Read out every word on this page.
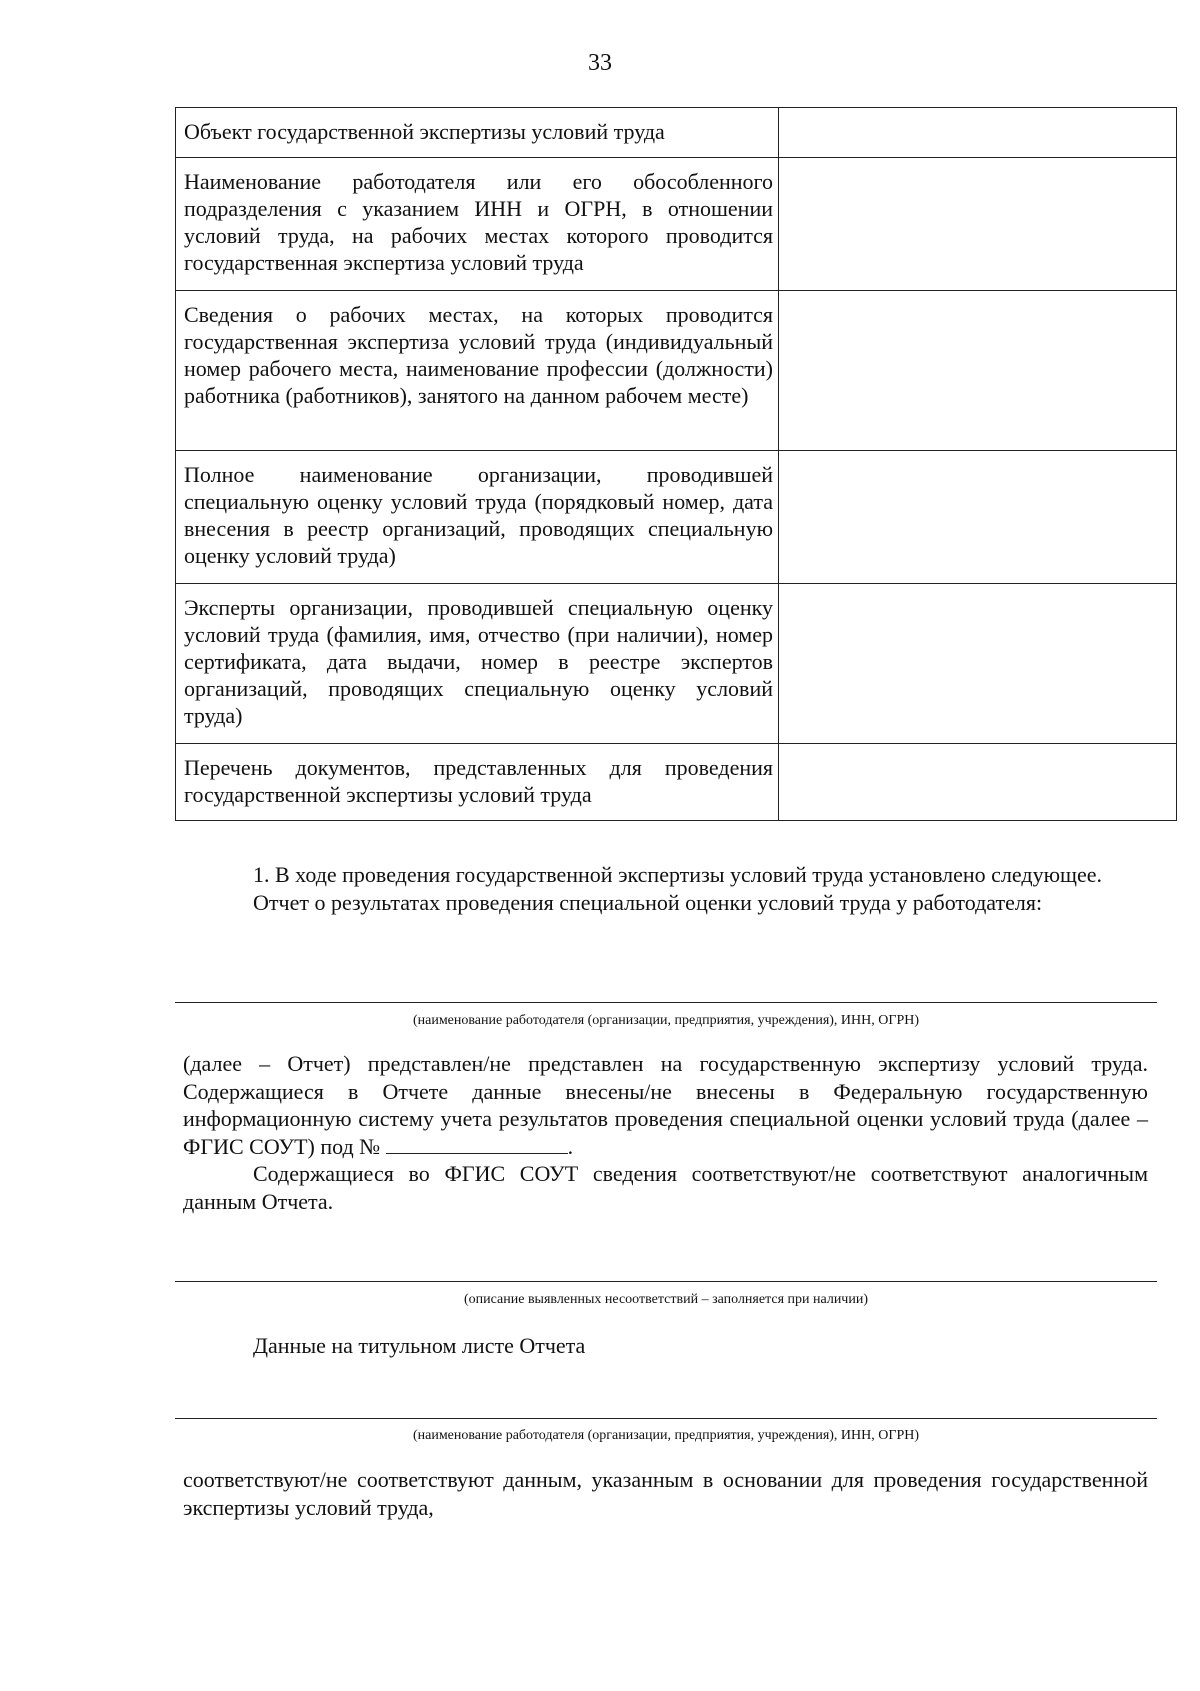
33
Объект государственной экспертизы условий труда	
Наименование работодателя или его обособленного подразделения с указанием ИНН и ОГРН, в отношении условий труда, на рабочих местах которого проводится государственная экспертиза условий труда	
Сведения о рабочих местах, на которых проводится государственная экспертиза условий труда (индивидуальный номер рабочего места, наименование профессии (должности) работника (работников), занятого на данном рабочем месте)	
Полное наименование организации, проводившей специальную оценку условий труда (порядковый номер, дата внесения в реестр организаций, проводящих специальную оценку условий труда)	
Эксперты организации, проводившей специальную оценку условий труда (фамилия, имя, отчество (при наличии), номер сертификата, дата выдачи, номер в реестре экспертов организаций, проводящих специальную оценку условий труда)	
Перечень документов, представленных для проведения государственной экспертизы условий труда	

1. В ходе проведения государственной экспертизы условий труда установлено следующее.

Отчет о результатах проведения специальной оценки условий труда у работодателя:

(наименование работодателя (организации, предприятия, учреждения), ИНН, ОГРН)

(далее – Отчет) представлен/не представлен на государственную экспертизу условий труда. Содержащиеся в Отчете данные внесены/не внесены в Федеральную государственную информационную систему учета результатов проведения специальной оценки условий труда (далее – ФГИС СОУТ) под №	.

Содержащиеся во ФГИС СОУТ сведения соответствуют/не соответствуют аналогичным данным Отчета.

(описание выявленных несоответствий – заполняется при наличии)
Данные на титульном листе Отчета
(наименование работодателя (организации, предприятия, учреждения), ИНН, ОГРН)
соответствуют/не соответствуют данным, указанным в основании для проведения государственной экспертизы условий труда,
